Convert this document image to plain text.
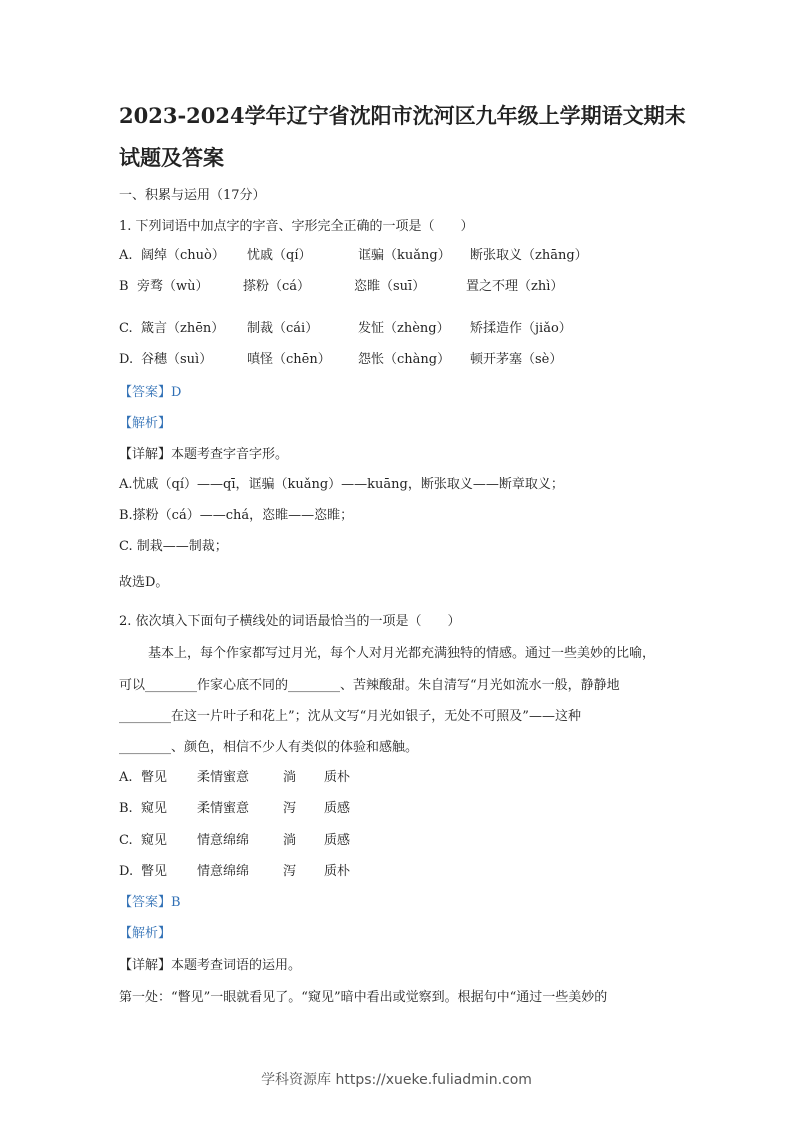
2023-2024学年辽宁省沈阳市沈河区九年级上学期语文期末
试题及答案
一、积累与运用（17分）
1. 下列词语中加点字的字音、字形完全正确的一项是（　　）
A. 阔绰（chuò） 忧戚（qí）	诓骗（kuǎng） 断张取义（zhāng）
B 旁骛（wù）	搽粉（cá）	恣睢（suī）	置之不理（zhì）
C. 箴言（zhēn） 制裁（cái）	发怔（zhèng） 矫揉造作（jiǎo）
D. 谷穗（suì）	嗔怪（chēn） 怨怅（chàng） 顿开茅塞（sè）
【答案】D
【解析】
【详解】本题考查字音字形。
A.忧戚（qí）——qī，诓骗（kuǎng）——kuāng，断张取义——断章取义；
B.搽粉（cá）——chá，恣睢——恣睢；
C. 制栽——制裁；
故选D。
2. 依次填入下面句子横线处的词语最恰当的一项是（　　）
基本上，每个作家都写过月光，每个人对月光都充满独特的情感。通过一些美妙的比喻，
可以________作家心底不同的________、苦辣酸甜。朱自清写“月光如流水一般，静静地
________在这一片叶子和花上”；沈从文写“月光如银子，无处不可照及”——这种
________、颜色，相信不少人有类似的体验和感触。
A. 瞥见 柔情蜜意	淌 质朴
B. 窥见 柔情蜜意	泻 质感
C. 窥见 情意绵绵	淌 质感
D. 瞥见 情意绵绵	泻 质朴
【答案】B
【解析】
【详解】本题考查词语的运用。
第一处：“瞥见”一眼就看见了。“窥见”暗中看出或觉察到。根据句中“通过一些美妙的
学科资源库 https://xueke.fuliadmin.com
